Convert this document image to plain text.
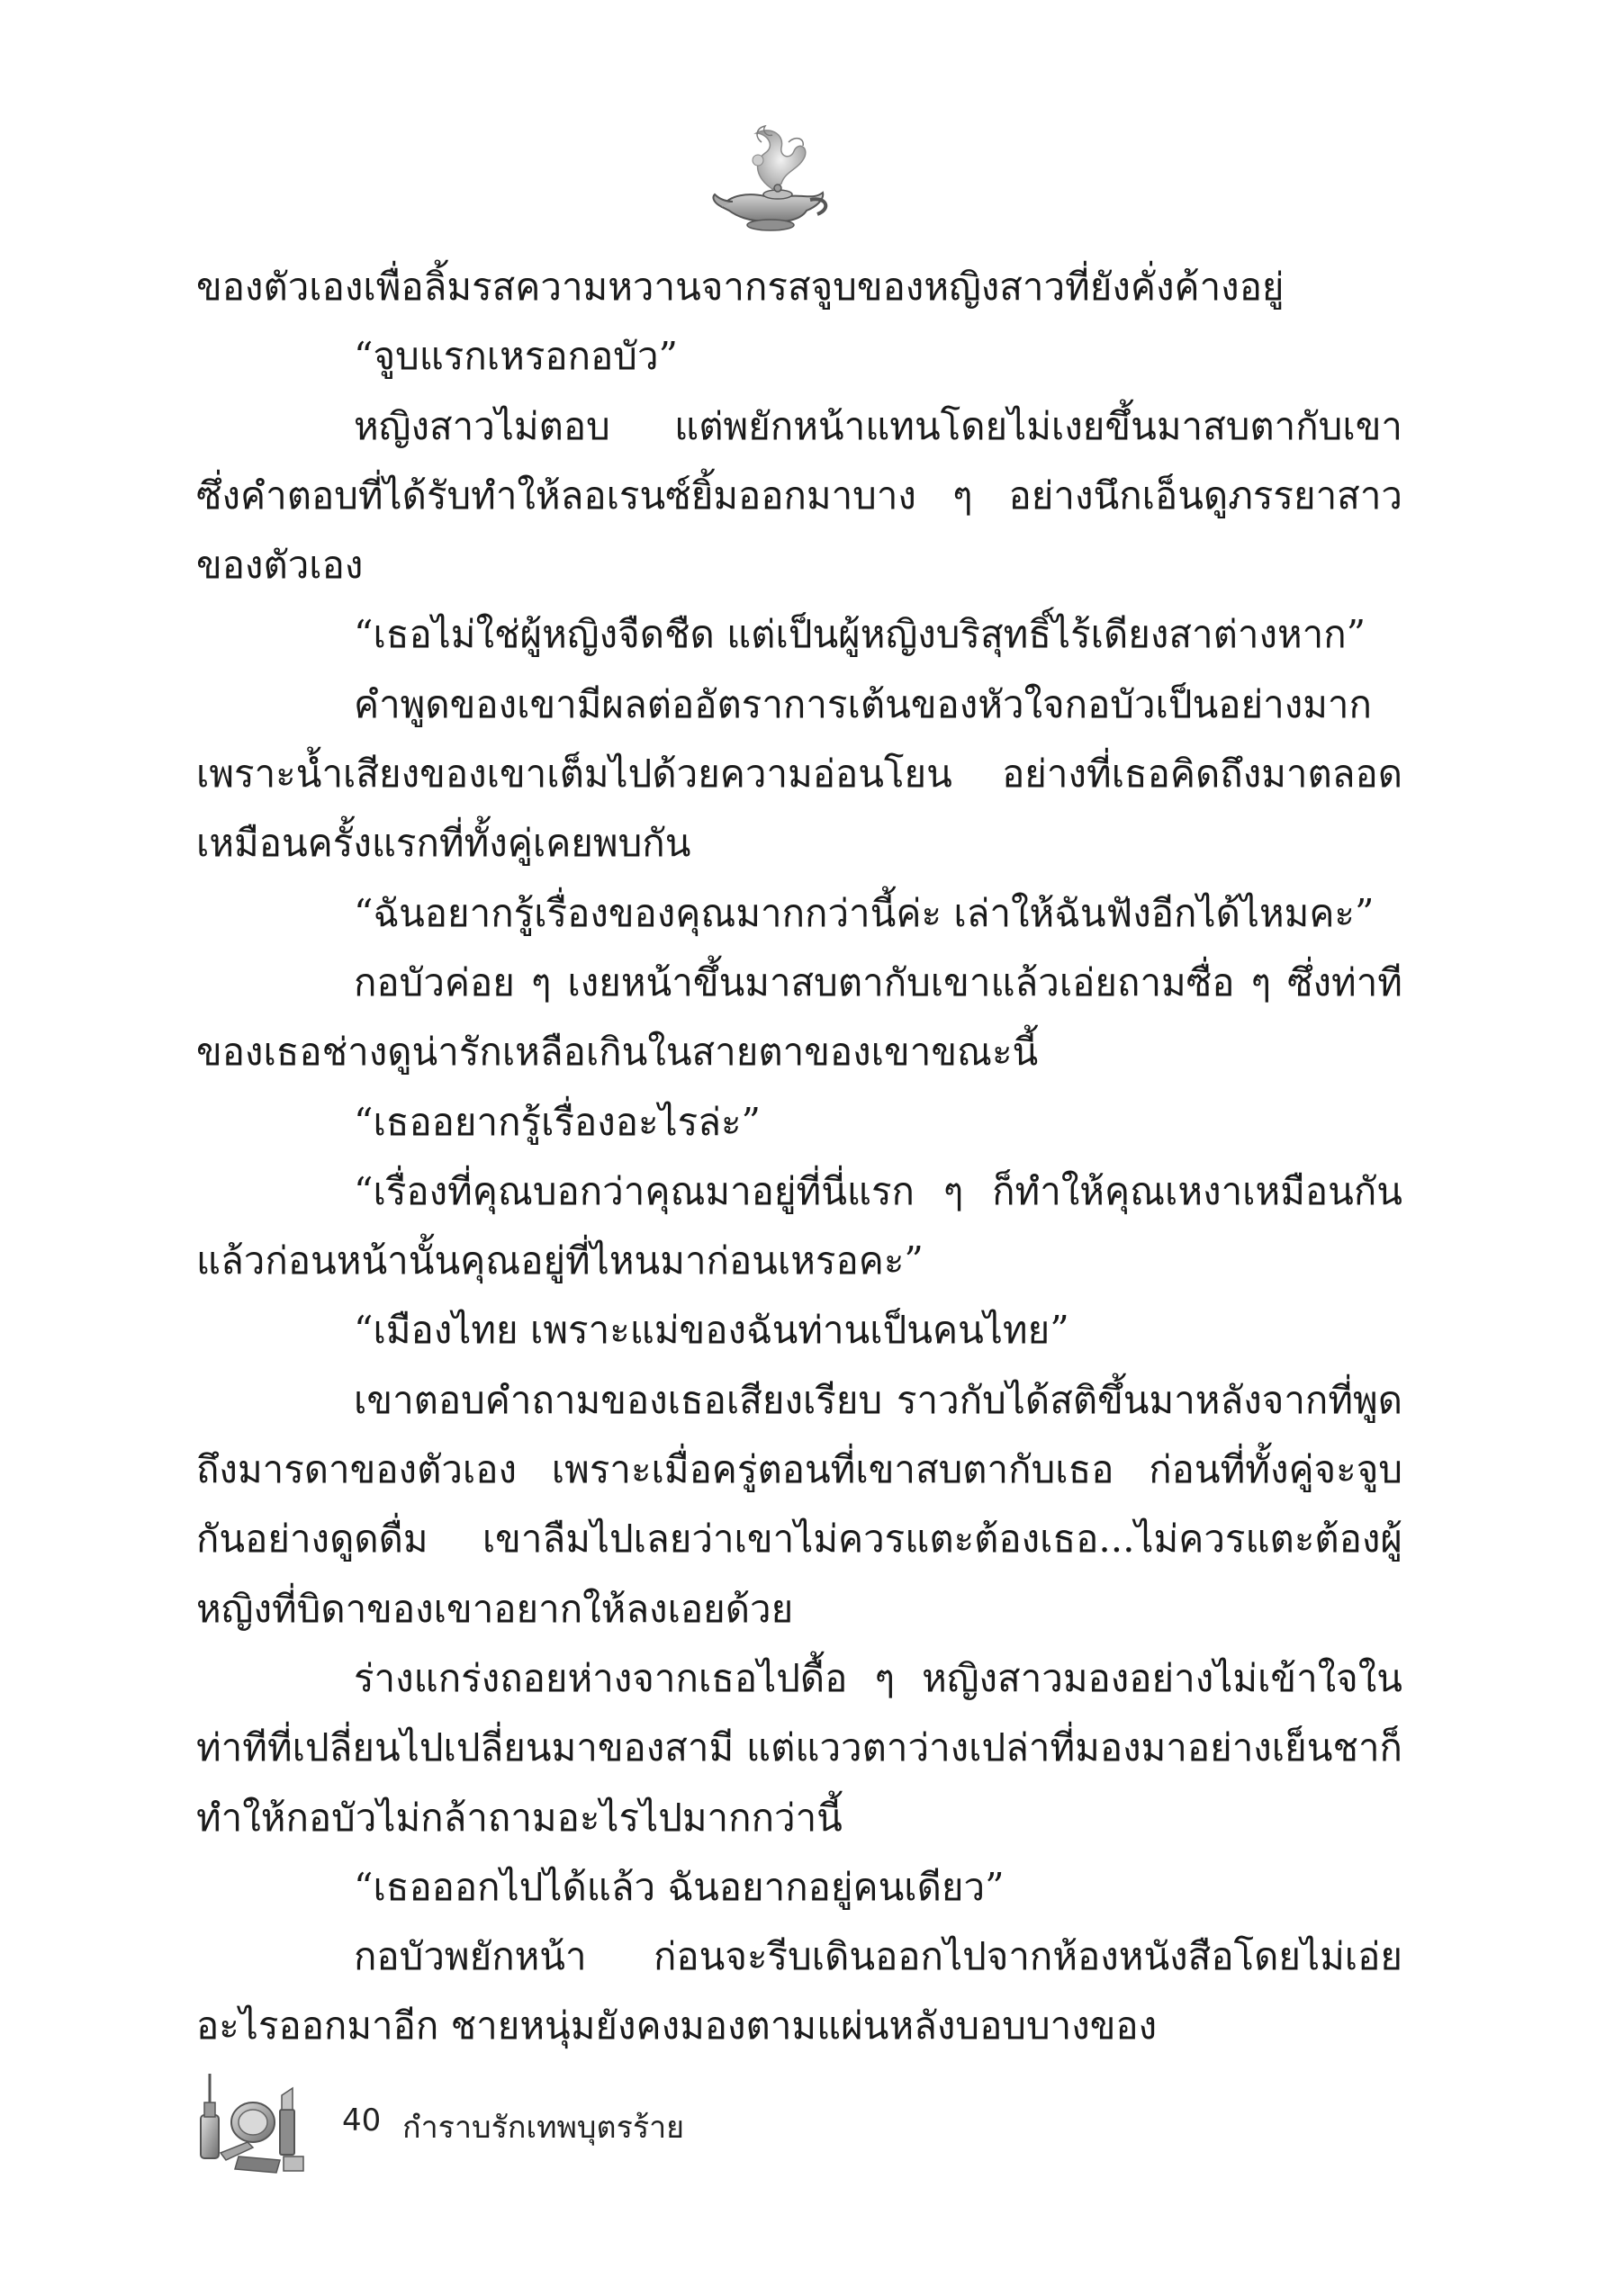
ของตัวเองเพื่อลิ้มรสความหวานจากรสจูบของหญิงสาวที่ยังคั่งค้างอยู่

“จูบแรกเหรอกอบัว”

หญิงสาวไม่ตอบ แต่พยักหน้าแทนโดยไม่เงยขึ้นมาสบตากับเขา ซึ่งคำตอบที่ได้รับทำให้ลอเรนซ์ยิ้มออกมาบาง ๆ อย่างนึกเอ็นดูภรรยาสาวของตัวเอง

“เธอไม่ใช่ผู้หญิงจืดชืด แต่เป็นผู้หญิงบริสุทธิ์ไร้เดียงสาต่างหาก”

คำพูดของเขามีผลต่ออัตราการเต้นของหัวใจกอบัวเป็นอย่างมาก เพราะน้ำเสียงของเขาเต็มไปด้วยความอ่อนโยน อย่างที่เธอคิดถึงมาตลอด เหมือนครั้งแรกที่ทั้งคู่เคยพบกัน

“ฉันอยากรู้เรื่องของคุณมากกว่านี้ค่ะ เล่าให้ฉันฟังอีกได้ไหมคะ”

กอบัวค่อย ๆ เงยหน้าขึ้นมาสบตากับเขาแล้วเอ่ยถามซื่อ ๆ ซึ่งท่าทีของเธอช่างดูน่ารักเหลือเกินในสายตาของเขาขณะนี้

“เธออยากรู้เรื่องอะไรล่ะ”

“เรื่องที่คุณบอกว่าคุณมาอยู่ที่นี่แรก ๆ ก็ทำให้คุณเหงาเหมือนกันแล้วก่อนหน้านั้นคุณอยู่ที่ไหนมาก่อนเหรอคะ”

“เมืองไทย เพราะแม่ของฉันท่านเป็นคนไทย”

เขาตอบคำถามของเธอเสียงเรียบ ราวกับได้สติขึ้นมาหลังจากที่พูดถึงมารดาของตัวเอง เพราะเมื่อครู่ตอนที่เขาสบตากับเธอ ก่อนที่ทั้งคู่จะจูบกันอย่างดูดดื่ม เขาลืมไปเลยว่าเขาไม่ควรแตะต้องเธอ...ไม่ควรแตะต้องผู้หญิงที่บิดาของเขาอยากให้ลงเอยด้วย

ร่างแกร่งถอยห่างจากเธอไปดื้อ ๆ หญิงสาวมองอย่างไม่เข้าใจในท่าทีที่เปลี่ยนไปเปลี่ยนมาของสามี แต่แววตาว่างเปล่าที่มองมาอย่างเย็นชาก็ทำให้กอบัวไม่กล้าถามอะไรไปมากกว่านี้

“เธอออกไปได้แล้ว ฉันอยากอยู่คนเดียว”

กอบัวพยักหน้า ก่อนจะรีบเดินออกไปจากห้องหนังสือโดยไม่เอ่ยอะไรออกมาอีก ชายหนุ่มยังคงมองตามแผ่นหลังบอบบางของ

40 กำราบรักเทพบุตรร้าย
